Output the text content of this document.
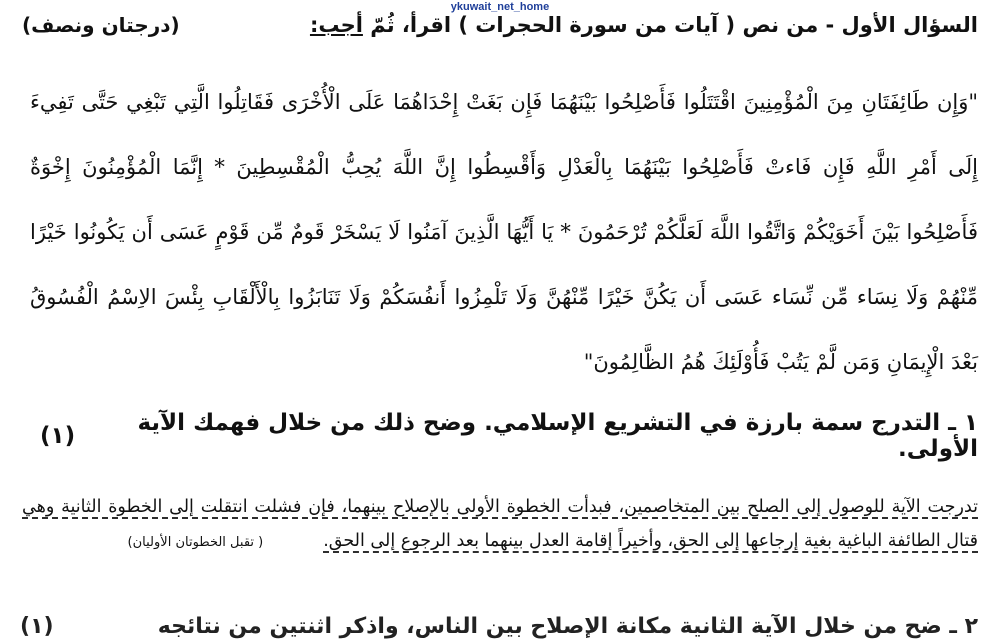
ykuwait_net_home
السؤال الأول - من نص ( آيات من سورة الحجرات ) اقرأ، ثُمّ أجب:
(درجتان ونصف)
"وَإِن طَائِفَتَانِ مِنَ الْمُؤْمِنِينَ اقْتَتَلُوا فَأَصْلِحُوا بَيْنَهُمَا فَإِن بَغَتْ إِحْدَاهُمَا عَلَى الْأُخْرَى فَقَاتِلُوا الَّتِي تَبْغِي حَتَّى تَفِيءَ إِلَى أَمْرِ اللَّهِ فَإِن فَاءتْ فَأَصْلِحُوا بَيْنَهُمَا بِالْعَدْلِ وَأَقْسِطُوا إِنَّ اللَّهَ يُحِبُّ الْمُقْسِطِينَ * إِنَّمَا الْمُؤْمِنُونَ إِخْوَةٌ فَأَصْلِحُوا بَيْنَ أَخَوَيْكُمْ وَاتَّقُوا اللَّهَ لَعَلَّكُمْ تُرْحَمُونَ * يَا أَيُّهَا الَّذِينَ آمَنُوا لَا يَسْخَرْ قَومٌ مِّن قَوْمٍ عَسَى أَن يَكُونُوا خَيْرًا مِّنْهُمْ وَلَا نِسَاء مِّن نِّسَاء عَسَى أَن يَكُنَّ خَيْرًا مِّنْهُنَّ وَلَا تَلْمِزُوا أَنفُسَكُمْ وَلَا تَنَابَزُوا بِالْأَلْقَابِ بِئْسَ الاِسْمُ الْفُسُوقُ بَعْدَ الْإِيمَانِ وَمَن لَّمْ يَتُبْ فَأُوْلَئِكَ هُمُ الظَّالِمُونَ"
١ ـ التدرج سمة بارزة في التشريع الإسلامي. وضح ذلك من خلال فهمك الآية الأولى.
(١)
تدرجت الآية للوصول إلى الصلح بين المتخاصمين، فبدأت الخطوة الأولى بالإصلاح بينهما، فإن فشلت انتقلت إلى الخطوة الثانية وهي قتال الطائفة الباغية بغية إرجاعها إلى الحق، وأخيراً إقامة العدل بينهما بعد الرجوع إلى الحق.( تقبل الخطوتان الأوليان)
٢ ـ ضح من خلال الآية الثانية مكانة الإصلاح بين الناس، واذكر اثنتين من نتائجه
(١)
